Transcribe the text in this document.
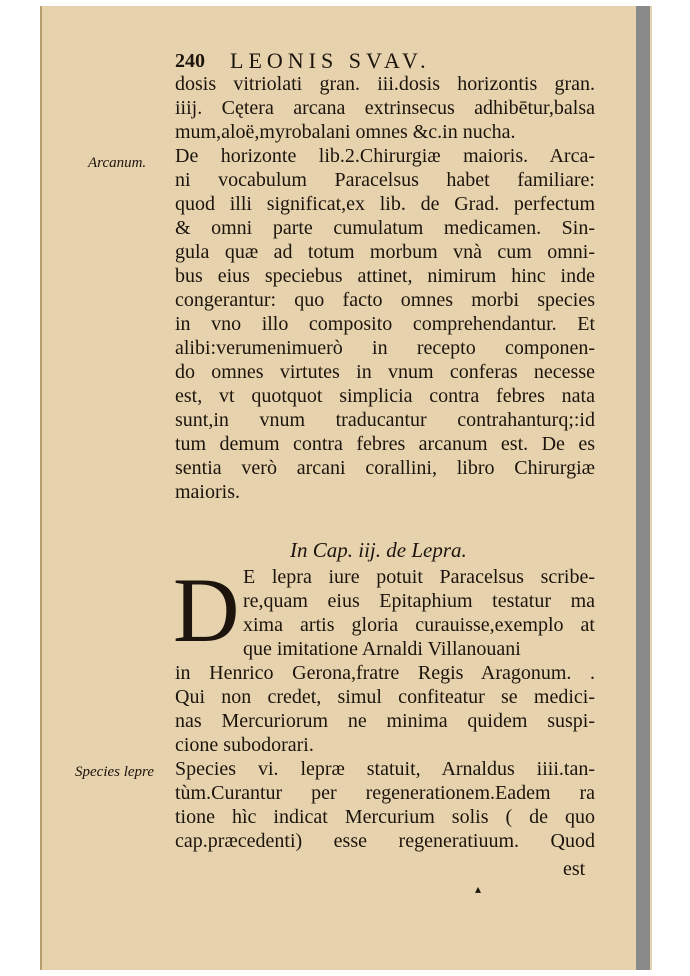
240 LEONIS SVAV.
dosis vitriolati gran. iii.dosis horizontis gran.
iiij. Cętera arcana extrinsecus adhibētur,balsa
mum,aloë,myrobalani omnes &c.in nucha.
De horizonte lib.2.Chirurgiæ maioris. Arca-
ni vocabulum Paracelsus habet familiare:
quod illi significat,ex lib. de Grad. perfectum
& omni parte cumulatum medicamen. Sin-
gula quæ ad totum morbum vnà cum omni-
bus eius speciebus attinet, nimirum hinc inde
congerantur: quo facto omnes morbi species
in vno illo composito comprehendantur. Et
alibi:verumenimuerò in recepto componen-
do omnes virtutes in vnum conferas necesse
est, vt quotquot simplicia contra febres nata
sunt,in vnum traducantur contrahanturq;:id
tum demum contra febres arcanum est. De es
sentia verò arcani corallini, libro Chirurgiæ
maioris.
Arcanum.
In Cap. iij. de Lepra.
D E lepra iure potuit Paracelsus scribe-
re,quam eius Epitaphium testatur ma
xima artis gloria curauisse,exemplo at
que imitatione Arnaldi Villanouani
in Henrico Gerona,fratre Regis Aragonum. .
Qui non credet, simul confiteatur se medici-
nas Mercuriorum ne minima quidem suspi-
cione subodorari.
Species vi. lepræ statuit, Arnaldus iiii.tan-
tùm.Curantur per regenerationem.Eadem ra
tione hìc indicat Mercurium solis ( de quo
cap.præcedenti) esse regeneratiuum. Quod
Species lepre
est
▴
